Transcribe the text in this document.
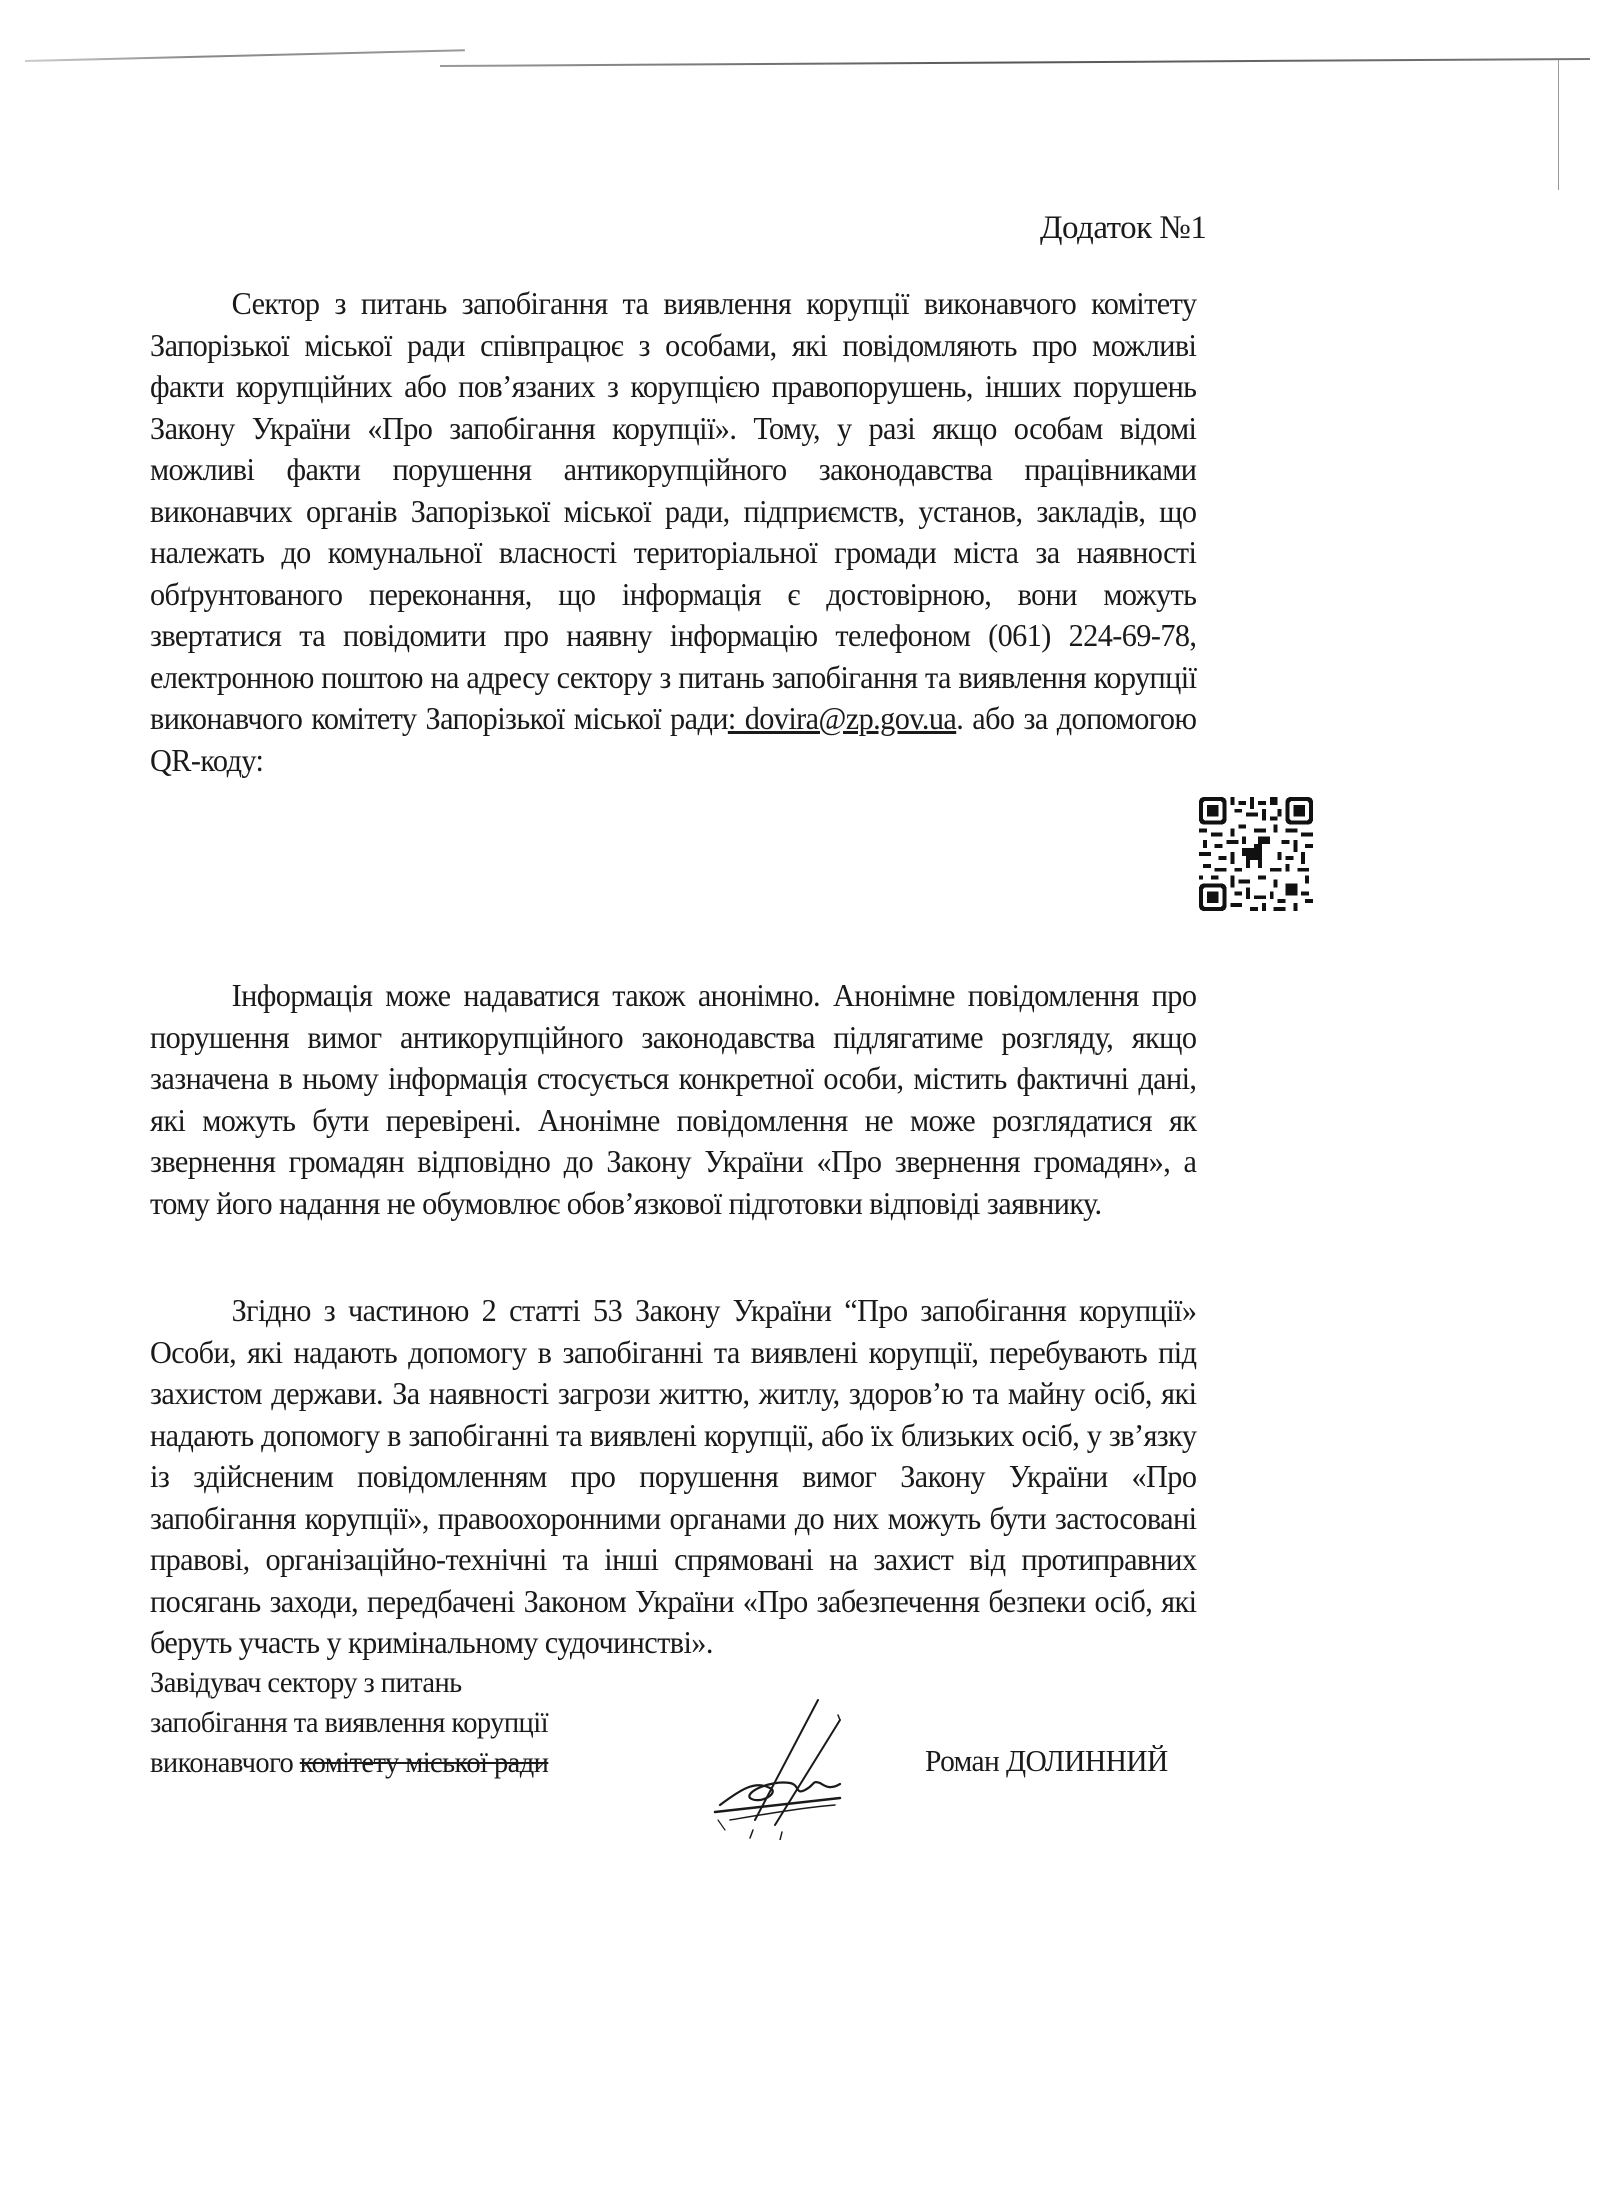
Додаток №1

Сектор з питань запобігання та виявлення корупції виконавчого комітету Запорізької міської ради співпрацює з особами, які повідомляють про можливі факти корупційних або пов’язаних з корупцією правопорушень, інших порушень Закону України «Про запобігання корупції». Тому, у разі якщо особам відомі можливі факти порушення антикорупційного законодавства працівниками виконавчих органів Запорізької міської ради, підприємств, установ, закладів, що належать до комунальної власності територіальної громади міста за наявності обґрунтованого переконання, що інформація є достовірною, вони можуть звертатися та повідомити про наявну інформацію телефоном (061) 224-69-78, електронною поштою на адресу сектору з питань запобігання та виявлення корупції виконавчого комітету Запорізької міської ради: dovira@zp.gov.ua. або за допомогою QR-коду:

Інформація може надаватися також анонімно. Анонімне повідомлення про порушення вимог антикорупційного законодавства підлягатиме розгляду, якщо зазначена в ньому інформація стосується конкретної особи, містить фактичні дані, які можуть бути перевірені. Анонімне повідомлення не може розглядатися як звернення громадян відповідно до Закону України «Про звернення громадян», а тому його надання не обумовлює обов’язкової підготовки відповіді заявнику.

Згідно з частиною 2 статті 53 Закону України “Про запобігання корупції» Особи, які надають допомогу в запобіганні та виявлені корупції, перебувають під захистом держави. За наявності загрози життю, житлу, здоров’ю та майну осіб, які надають допомогу в запобіганні та виявлені корупції, або їх близьких осіб, у зв’язку із здійсненим повідомленням про порушення вимог Закону України «Про запобігання корупції», правоохоронними органами до них можуть бути застосовані правові, організаційно-технічні та інші спрямовані на захист від протиправних посягань заходи, передбачені Законом України «Про забезпечення безпеки осіб, які беруть участь у кримінальному судочинстві».

Завідувач сектору з питань
запобігання та виявлення корупції
виконавчого комітету міської ради	Роман ДОЛИННИЙ
